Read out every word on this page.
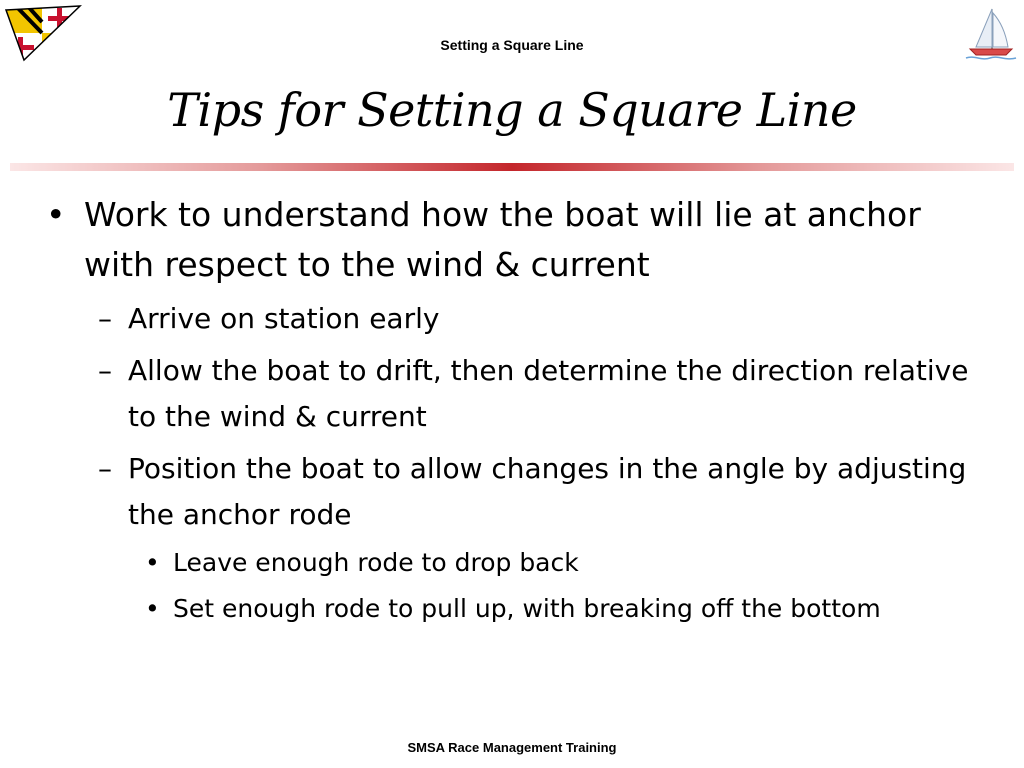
Setting a Square Line
Tips for Setting a Square Line
• Work to understand how the boat will lie at anchor with respect to the wind & current
– Arrive on station early
– Allow the boat to drift, then determine the direction relative to the wind & current
– Position the boat to allow changes in the angle by adjusting the anchor rode
• Leave enough rode to drop back
• Set enough rode to pull up, with breaking off the bottom
SMSA Race Management Training
